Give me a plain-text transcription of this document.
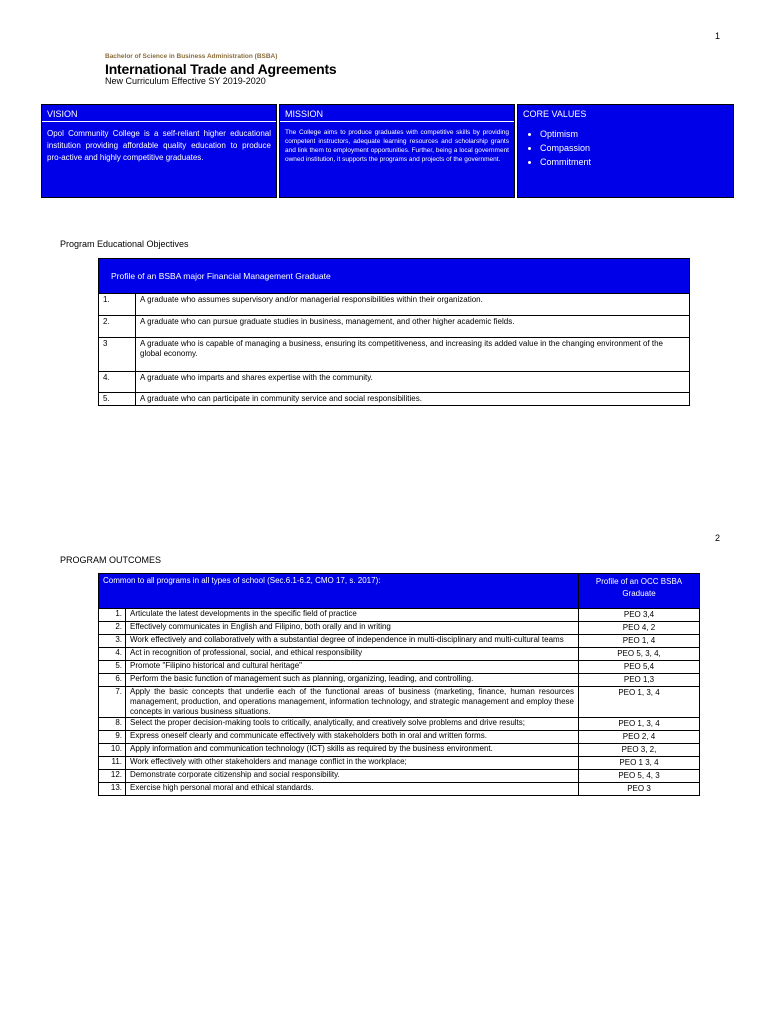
1
Bachelor of Science in Business Administration (BSBA)
International Trade and Agreements
New Curriculum Effective SY 2019-2020
VISION
Opol Community College is a self-reliant higher educational institution providing affordable quality education to produce pro-active and highly competitive graduates.
MISSION
The College aims to produce graduates with competitive skills by providing competent instructors, adequate learning resources and scholarship grants and link them to employment opportunities. Further, being a local government owned institution, it supports the programs and projects of the government.
CORE VALUES
• Optimism
• Compassion
• Commitment
Program Educational Objectives
Profile of an BSBA major Financial Management Graduate	
1.	A graduate who assumes supervisory and/or managerial responsibilities within their organization.
2.	A graduate who can pursue graduate studies in business, management, and other higher academic fields.
3	A graduate who is capable of managing a business, ensuring its competitiveness, and increasing its added value in the changing environment of the global economy.
4.	A graduate who imparts and shares expertise with the community.
5.	A graduate who can participate in community service and social responsibilities.
2
PROGRAM OUTCOMES
Common to all programs in all types of school (Sec.6.1-6.2, CMO 17, s. 2017):		Profile of an OCC BSBA Graduate
1.	Articulate the latest developments in the specific field of practice	PEO 3,4
2.	Effectively communicates in English and Filipino, both orally and in writing	PEO 4, 2
3.	Work effectively and collaboratively with a substantial degree of independence in multi-disciplinary and multi-cultural teams	PEO 1, 4
4.	Act in recognition of professional, social, and ethical responsibility	PEO 5, 3, 4,
5.	Promote "Filipino historical and cultural heritage"	PEO 5,4
6.	Perform the basic function of management such as planning, organizing, leading, and controlling.	PEO 1,3
7.	Apply the basic concepts that underlie each of the functional areas of business (marketing, finance, human resources management, production, and operations management, information technology, and strategic management and employ these concepts in various business situations.	PEO 1, 3, 4
8.	Select the proper decision-making tools to critically, analytically, and creatively solve problems and drive results;	PEO 1, 3, 4
9.	Express oneself clearly and communicate effectively with stakeholders both in oral and written forms.	PEO 2, 4
10.	Apply information and communication technology (ICT) skills as required by the business environment.	PEO 3, 2,
11.	Work effectively with other stakeholders and manage conflict in the workplace;	PEO 1 3, 4
12.	Demonstrate corporate citizenship and social responsibility.	PEO 5, 4, 3
13.	Exercise high personal moral and ethical standards.	PEO 3
